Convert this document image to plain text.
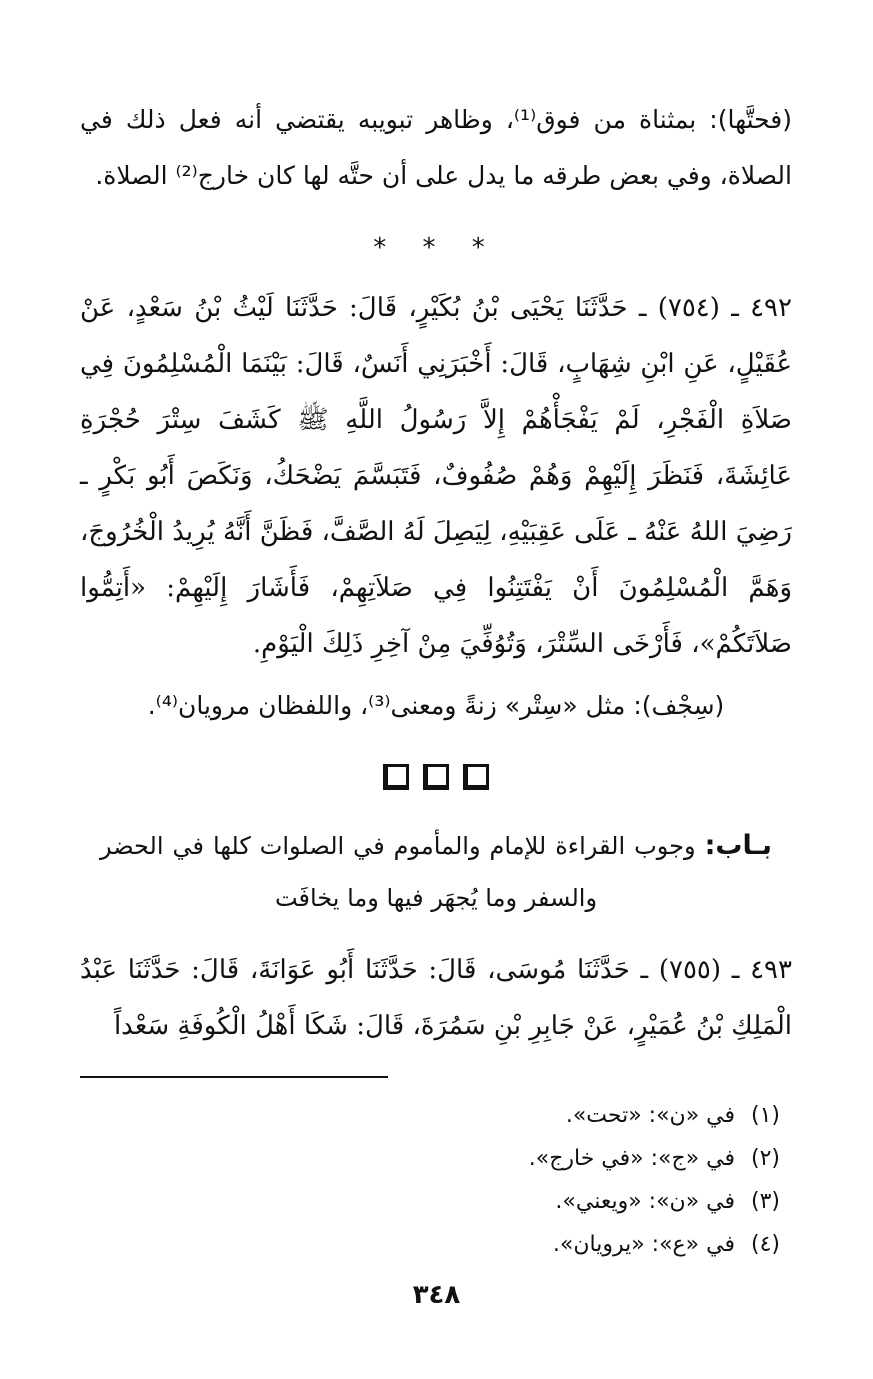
(فحتَّها): بمثناة من فوق⁽¹⁾، وظاهر تبويبه يقتضي أنه فعل ذلك في الصلاة، وفي بعض طرقه ما يدل على أن حتَّه لها كان خارج⁽²⁾ الصلاة.

* * *

٤٩٢ ـ (٧٥٤) ـ حَدَّثَنَا يَحْيَى بْنُ بُكَيْرٍ، قَالَ: حَدَّثَنَا لَيْثُ بْنُ سَعْدٍ، عَنْ عُقَيْلٍ، عَنِ ابْنِ شِهَابٍ، قَالَ: أَخْبَرَنِي أَنَسٌ، قَالَ: بَيْنَمَا الْمُسْلِمُونَ فِي صَلاَةِ الْفَجْرِ، لَمْ يَفْجَأْهُمْ إِلاَّ رَسُولُ اللَّهِ ﷺ كَشَفَ سِتْرَ حُجْرَةِ عَائِشَةَ، فَنَظَرَ إِلَيْهِمْ وَهُمْ صُفُوفٌ، فَتَبَسَّمَ يَضْحَكُ، وَنَكَصَ أَبُو بَكْرٍ ـ رَضِيَ اللهُ عَنْهُ ـ عَلَى عَقِبَيْهِ، لِيَصِلَ لَهُ الصَّفَّ، فَظَنَّ أَنَّهُ يُرِيدُ الْخُرُوجَ، وَهَمَّ الْمُسْلِمُونَ أَنْ يَفْتَتِنُوا فِي صَلاَتِهِمْ، فَأَشَارَ إِلَيْهِمْ: «أَتِمُّوا صَلاَتَكُمْ»، فَأَرْخَى السِّتْرَ، وَتُوُفِّيَ مِنْ آخِرِ ذَلِكَ الْيَوْمِ.

(سِجْف): مثل «سِتْر» زنةً ومعنى⁽³⁾، واللفظان مرويان⁽⁴⁾.

بـاب: وجوب القراءة للإمام والمأموم في الصلوات كلها في الحضر والسفر وما يُجهَر فيها وما يخافَت

٤٩٣ ـ (٧٥٥) ـ حَدَّثَنَا مُوسَى، قَالَ: حَدَّثَنَا أَبُو عَوَانَةَ، قَالَ: حَدَّثَنَا عَبْدُ الْمَلِكِ بْنُ عُمَيْرٍ، عَنْ جَابِرِ بْنِ سَمُرَةَ، قَالَ: شَكَا أَهْلُ الْكُوفَةِ سَعْداً

(١) في «ن»: «تحت».

(٢) في «ج»: «في خارج».

(٣) في «ن»: «ويعني».

(٤) في «ع»: «يرويان».

٣٤٨
